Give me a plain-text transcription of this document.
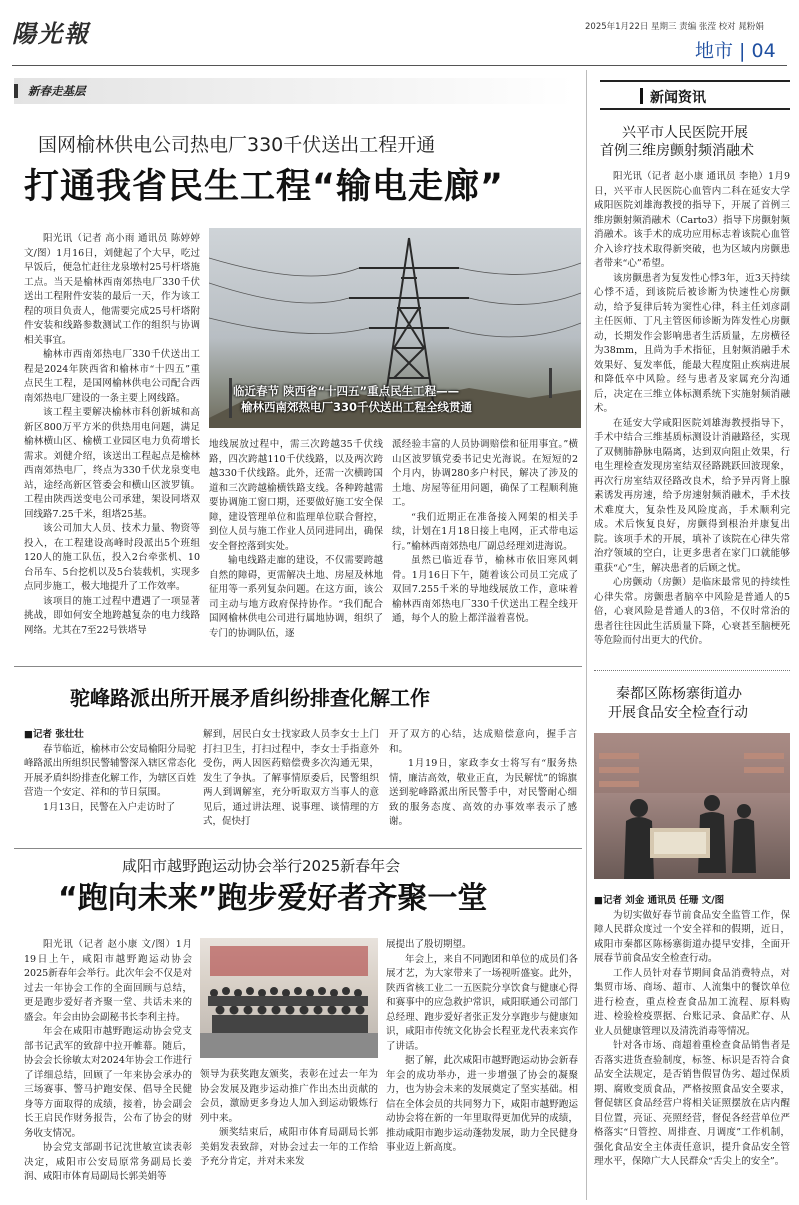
陽光報	2025年1月22日 星期三 责编 张滢 校对 晁粉娟
地市 | 04
新春走基层
国网榆林供电公司热电厂330千伏送出工程开通
打通我省民生工程“输电走廊”
临近春节 陕西省“十四五”重点民生工程——
榆林西南郊热电厂330千伏送出工程全线贯通

阳光讯（记者 高小雨 通讯员 陈婷婷 文/图）1月16日，刘健起了个大早，吃过早饭后，便急忙赶往龙泉墩村25号杆塔施工点。当天是榆林西南郊热电厂330千伏送出工程附件安装的最后一天，作为该工程的项目负责人，他需要完成25号杆塔附件安装和线路参数测试工作的组织与协调相关事宜。

榆林市西南郊热电厂330千伏送出工程是2024年陕西省和榆林市“十四五”重点民生工程，是国网榆林供电公司配合西南郊热电厂建设的一条主要上网线路。

该工程主要解决榆林市科创新城和高新区800万平方米的供热用电问题，满足榆林横山区、榆横工业园区电力负荷增长需求。刘健介绍，该送出工程起点是榆林西南郊热电厂，终点为330千伏龙泉变电站，途经高新区管委会和横山区波罗镇。工程由陕西送变电公司承建，架设同塔双回线路7.25千米，组塔25基。

该公司加大人员、技术力量、物资等投入，在工程建设高峰时段派出5个班组120人的施工队伍，投入2台牵张机、10台吊车、5台挖机以及5台装载机，实现多点同步施工，极大地提升了工作效率。

该项目的施工过程中遭遇了一项显著挑战，即如何安全地跨越复杂的电力线路网络。尤其在7至22号铁塔导

地线展放过程中，需三次跨越35千伏线路，四次跨越110千伏线路，以及两次跨越330千伏线路。此外，还需一次横跨国道和三次跨越榆横铁路支线。各种跨越需要协调施工窗口期，还要做好施工安全保障，建设管理单位和监理单位联合督控，到位人员与施工作业人员同进同出，确保安全督控落到实处。

输电线路走廊的建设，不仅需要跨越自然的障碍，更需解决土地、房屋及林地征用等一系列复杂问题。在这方面，该公司主动与地方政府保持协作。“我们配合国网榆林供电公司进行属地协调，组织了专门的协调队伍，逐

派经验丰富的人员协调赔偿和征用事宜。”横山区波罗镇党委书记史光海说。在短短的2个月内，协调280多户村民，解决了涉及的土地、房屋等征用问题，确保了工程顺利施工。

“我们近期正在准备接入网架的相关手续，计划在1月18日接上电网，正式带电运行。”榆林西南郊热电厂副总经理刘进海说。

虽然已临近春节，榆林市依旧寒风刺骨。1月16日下午，随着该公司员工完成了双回7.255千米的导地线展放工作，意味着榆林西南郊热电厂330千伏送出工程全线开通，每个人的脸上都洋溢着喜悦。

驼峰路派出所开展矛盾纠纷排查化解工作

■记者 张壮壮

春节临近，榆林市公安局榆阳分局驼峰路派出所组织民警辅警深入辖区常态化开展矛盾纠纷排查化解工作，为辖区百姓营造一个安定、祥和的节日氛围。

1月13日，民警在入户走访时了

解到，居民白女士找家政人员李女士上门打扫卫生，打扫过程中，李女士手指意外受伤，两人因医药赔偿费多次沟通无果，发生了争执。了解事情原委后，民警组织两人到调解室，充分听取双方当事人的意见后，通过讲法理、说事理、谈情理的方式，促快打

开了双方的心结，达成赔偿意向，握手言和。

1月19日，家政李女士将写有“服务热情，廉洁高效，敬业正直，为民解忧”的锦旗送到驼峰路派出所民警手中，对民警耐心细致的服务态度、高效的办事效率表示了感谢。

咸阳市越野跑运动协会举行2025新春年会
“跑向未来”跑步爱好者齐聚一堂

阳光讯（记者 赵小康 文/图）1月19日上午，咸阳市越野跑运动协会2025新春年会举行。此次年会不仅是对过去一年协会工作的全面回顾与总结，更是跑步爱好者齐聚一堂、共话未来的盛会。年会由协会副秘书长李利主持。

年会在咸阳市越野跑运动协会党支部书记武军的致辞中拉开帷幕。随后，协会会长徐敏太对2024年协会工作进行了详细总结，回顾了一年来协会承办的三场赛事、警马护跑安保、倡导全民健身等方面取得的成绩，接着，协会副会长王启民作财务报告，公布了协会的财务收支情况。

协会党支部副书记沈世敏宣读表彰决定，咸阳市公安局原常务副局长姜润、咸阳市体育局副局长郭美娟等

领导为获奖跑友颁奖，表彰在过去一年为协会发展及跑步运动推广作出杰出贡献的会员，激励更多身边人加入到运动锻炼行列中来。

颁奖结束后，咸阳市体育局副局长郭美娟发表致辞，对协会过去一年的工作给予充分肯定，并对未来发

展提出了殷切期望。

年会上，来自不同跑团和单位的成员们各展才艺，为大家带来了一场视听盛宴。此外，陕西省核工业二一五医院分享饮食与健康心得和赛事中的应急救护常识，咸阳联通公司部门总经理、跑步爱好者张正发分享跑步与健康知识，咸阳市传统文化协会长程亚龙代表来宾作了讲话。

据了解，此次咸阳市越野跑运动协会新春年会的成功举办，进一步增强了协会的凝聚力，也为协会未来的发展奠定了坚实基础。相信在全体会员的共同努力下，咸阳市越野跑运动协会将在新的一年里取得更加优异的成绩，推动咸阳市跑步运动蓬勃发展，助力全民健身事业迈上新高度。

新闻资讯
兴平市人民医院开展
首例三维房颤射频消融术

阳光讯（记者 赵小康 通讯员 李艳）1月9日，兴平市人民医院心血管内二科在延安大学咸阳医院刘雄海教授的指导下，开展了首例三维房颤射频消融术（Carto3）指导下房颤射频消融术。该手术的成功应用标志着该院心血管介入诊疗技术取得新突破，也为区域内房颤患者带来“心”希望。

该房颤患者为复发性心悸3年，近3天持续心悸不适，到该院后被诊断为快速性心房颤动，给予复律后转为窦性心律，科主任刘彦副主任医师、丁凡主管医师诊断为阵发性心房颤动，长期发作会影响患者生活质量，左房横径为38mm，且尚为手术指征，且射频消融手术效果好、复发率低，能最大程度阻止疾病进展和降低卒中风险。经与患者及家属充分沟通后，决定在三维立体标测系统下实施射频消融术。

在延安大学咸阳医院刘雄海教授指导下，手术中结合三维基质标测设计消融路径，实现了双侧肺静脉电隔离，达到双向阻止效果，行电生理检查发现房室结双径路跳跃回波现象，再次行房室结双径路改良术，给予异丙肾上腺素诱发再房速，给予房速射频消融术，手术技术难度大，复杂性及风险度高，手术顺利完成。术后恢复良好，房颤得到根治并康复出院。该项手术的开展，填补了该院在心律失常治疗领域的空白，让更多患者在家门口就能够重获“心”生，解决患者的后顾之忧。

心房颤动（房颤）是临床最常见的持续性心律失常。房颤患者脑卒中风险是普通人的5倍，心衰风险是普通人的3倍，不仅时常治的患者往往因此生活质量下降，心衰甚至脑梗死等危险而付出更大的代价。

秦都区陈杨寨街道办
开展食品安全检查行动

■记者 刘金 通讯员 任珊 文/图

为切实做好春节前食品安全监管工作，保障人民群众度过一个安全祥和的假期，近日，咸阳市秦都区陈杨寨街道办提早安排，全面开展春节前食品安全检查行动。

工作人员针对春节期间食品消费特点，对集贸市场、商场、超市、人流集中的餐饮单位进行检查，重点检查食品加工流程、原料购进、检验检疫票据、台账记录、食品贮存、从业人员健康管理以及清洗消毒等情况。

针对各市场、商超着重检查食品销售者是否落实进货查验制度，标签、标识是否符合食品安全法规定，是否销售假冒伪劣、超过保质期、腐败变质食品，严格按照食品安全要求，督促辖区食品经营户将相关证照摆放在店内醒目位置，亮证、亮照经营，督促各经营单位严格落实“日管控、周排查、月调度”工作机制，强化食品安全主体责任意识，提升食品安全管理水平，保障广大人民群众“舌尖上的安全”。
